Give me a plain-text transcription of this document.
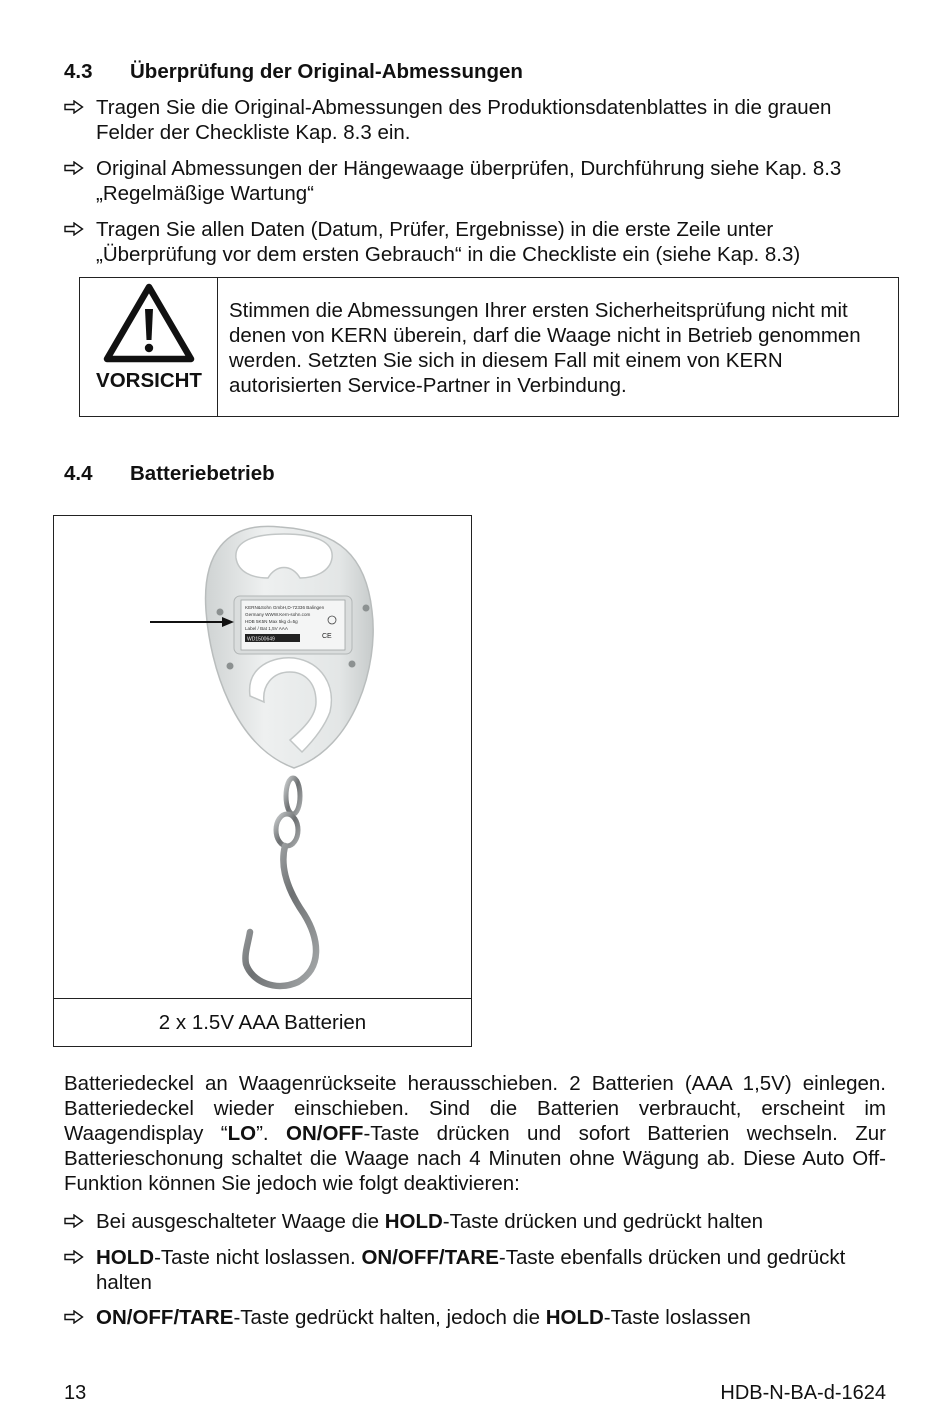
4.3 Überprüfung der Original-Abmessungen
Tragen Sie die Original-Abmessungen des Produktionsdatenblattes in die grauen Felder der Checkliste Kap. 8.3 ein.
Original Abmessungen der Hängewaage überprüfen, Durchführung siehe Kap. 8.3 „Regelmäßige Wartung“
Tragen Sie allen Daten (Datum, Prüfer, Ergebnisse) in die erste Zeile unter „Überprüfung vor dem ersten Gebrauch“ in die Checkliste ein (siehe Kap. 8.3)
VORSICHT
Stimmen die Abmessungen Ihrer ersten Sicherheitsprüfung nicht mit denen von KERN überein, darf die Waage nicht in Betrieb genommen werden. Setzten Sie sich in diesem Fall mit einem von KERN autorisierten Service-Partner in Verbindung.
4.4 Batteriebetrieb
KERN&Sohn GmbH,D-72336 Balingen
Germany WWW.Kern-sohn.com
HDB 5K5N Max 5kg d=5g
Label / Bat 1,5V AAA
WD1500649	CE
2 x 1.5V AAA Batterien
Batteriedeckel an Waagenrückseite herausschieben. 2 Batterien (AAA 1,5V) einlegen. Batteriedeckel wieder einschieben. Sind die Batterien verbraucht, erscheint im Waagendisplay “LO”. ON/OFF-Taste drücken und sofort Batterien wechseln. Zur Batterieschonung schaltet die Waage nach 4 Minuten ohne Wägung ab. Diese Auto Off-Funktion können Sie jedoch wie folgt deaktivieren:
Bei ausgeschalteter Waage die HOLD-Taste drücken und gedrückt halten
HOLD-Taste nicht loslassen. ON/OFF/TARE-Taste ebenfalls drücken und gedrückt halten
ON/OFF/TARE-Taste gedrückt halten, jedoch die HOLD-Taste loslassen
13	HDB-N-BA-d-1624
